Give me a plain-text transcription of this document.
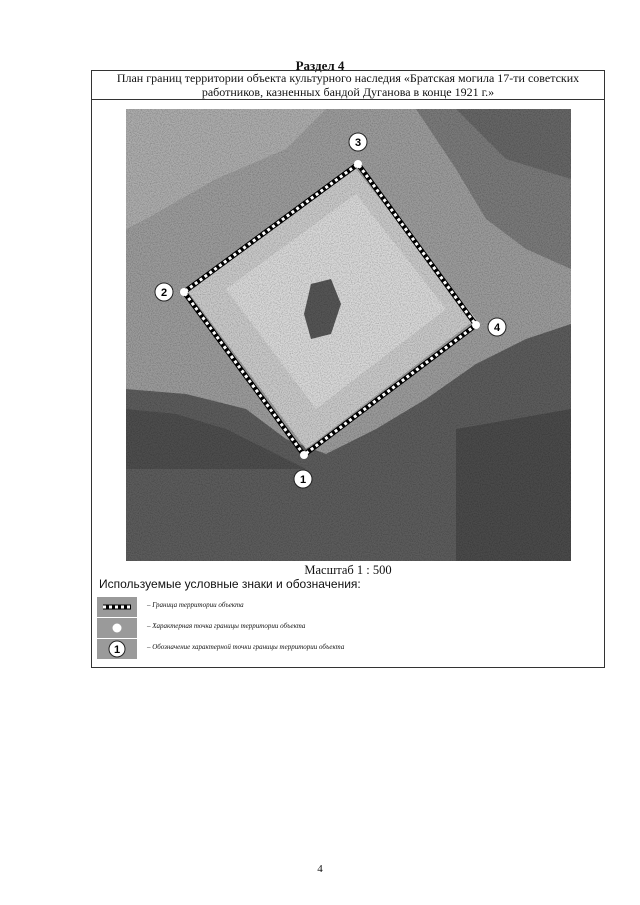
Раздел 4
План границ территории объекта культурного наследия «Братская могила 17-ти советских
работников, казненных бандой Дуганова в конце 1921 г.»
1
2
3
4
Масштаб 1 : 500
Используемые условные знаки и обозначения:
– Граница территории объекта
– Характерная точка границы территории объекта
1	– Обозначение характерной точки границы территории объекта
4
